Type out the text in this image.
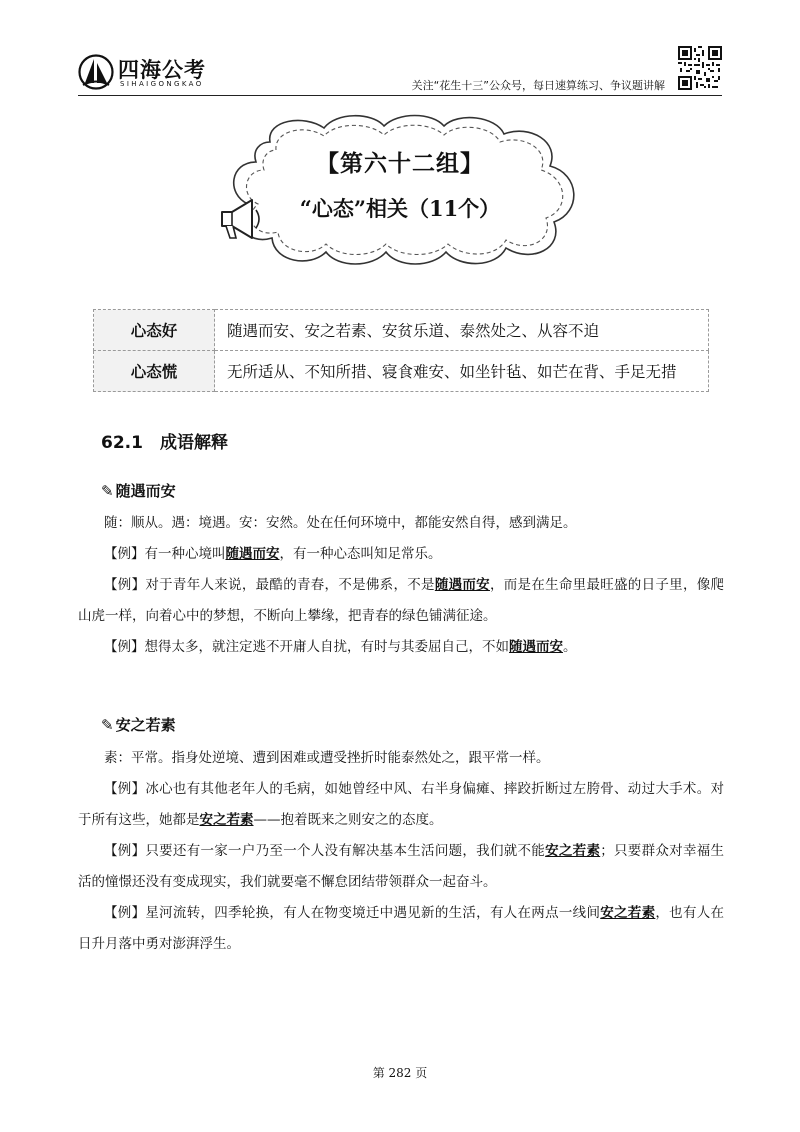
四海公考
SIHAIGONGKAO	关注“花生十三”公众号，每日速算练习、争议题讲解
【第六十二组】
“心态”相关（11个）
心态好	随遇而安、安之若素、安贫乐道、泰然处之、从容不迫
心态慌	无所适从、不知所措、寝食难安、如坐针毡、如芒在背、手足无措
62.1　成语解释
✎ 随遇而安

随：顺从。遇：境遇。安：安然。处在任何环境中，都能安然自得，感到满足。

【例】有一种心境叫随遇而安，有一种心态叫知足常乐。

【例】对于青年人来说，最酷的青春，不是佛系，不是随遇而安，而是在生命里最旺盛的日子里，像爬山虎一样，向着心中的梦想，不断向上攀缘，把青春的绿色铺满征途。

【例】想得太多，就注定逃不开庸人自扰，有时与其委屈自己，不如随遇而安。

✎ 安之若素

素：平常。指身处逆境、遭到困难或遭受挫折时能泰然处之，跟平常一样。

【例】冰心也有其他老年人的毛病，如她曾经中风、右半身偏瘫、摔跤折断过左胯骨、动过大手术。对于所有这些，她都是安之若素——抱着既来之则安之的态度。

【例】只要还有一家一户乃至一个人没有解决基本生活问题，我们就不能安之若素；只要群众对幸福生活的憧憬还没有变成现实，我们就要毫不懈怠团结带领群众一起奋斗。

【例】星河流转，四季轮换，有人在物变境迁中遇见新的生活，有人在两点一线间安之若素，也有人在日升月落中勇对澎湃浮生。

第 282 页
